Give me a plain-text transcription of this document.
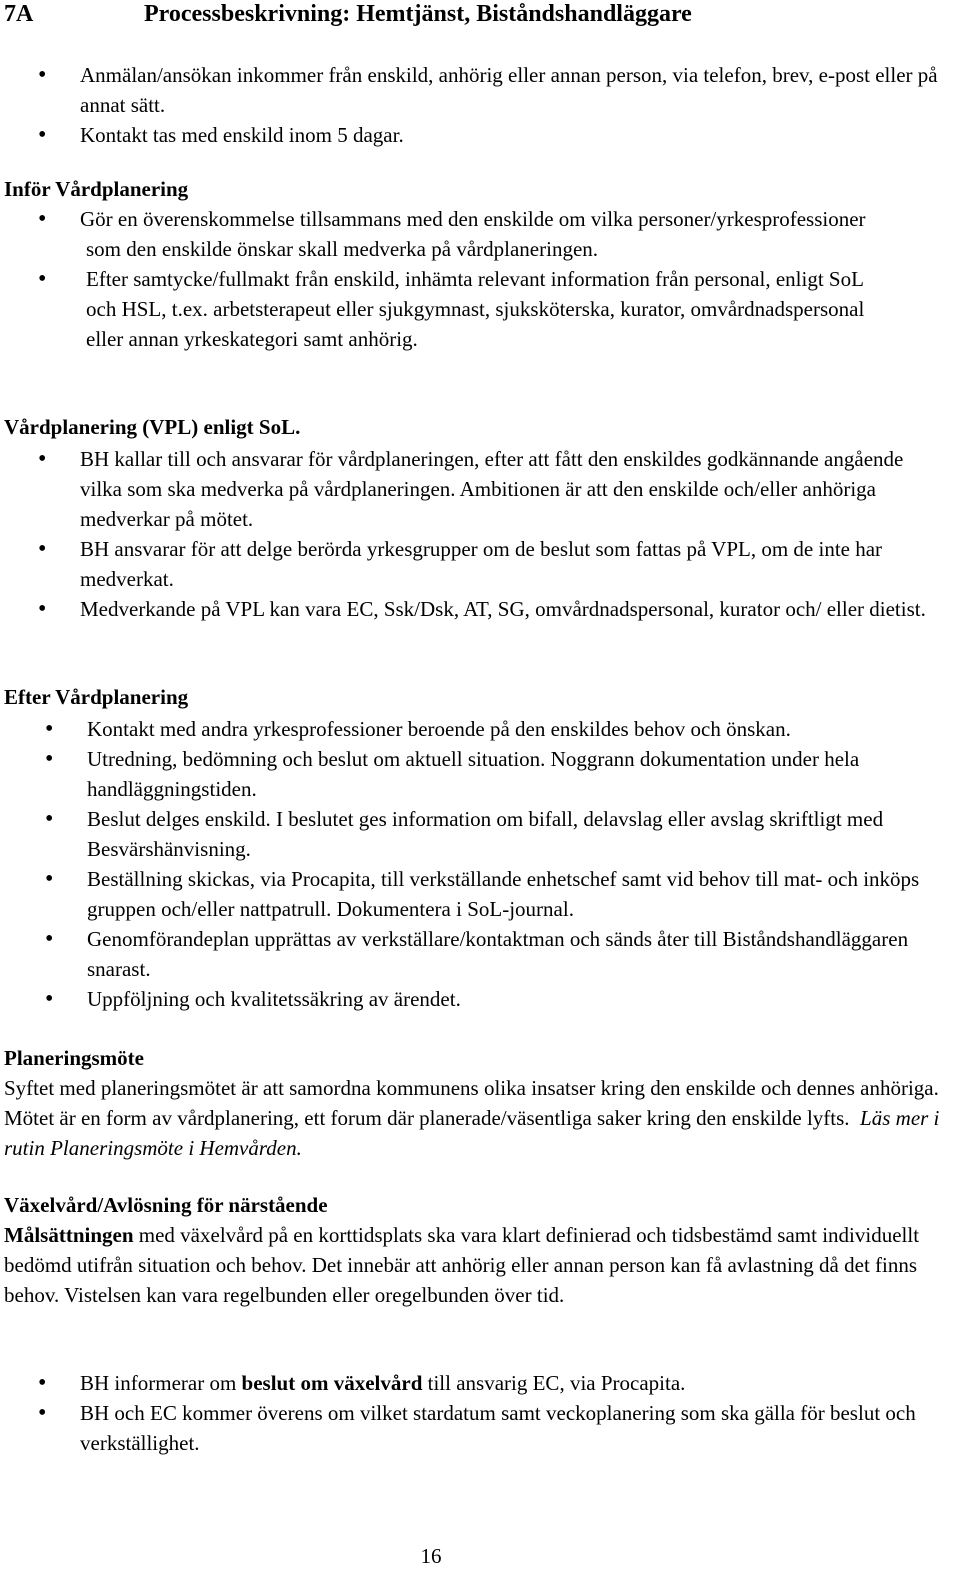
7A	Processbeskrivning: Hemtjänst, Biståndshandläggare
• Anmälan/ansökan inkommer från enskild, anhörig eller annan person, via telefon, brev, e-post eller på annat sätt.
• Kontakt tas med enskild inom 5 dagar.
Inför Vårdplanering
• Gör en överenskommelse tillsammans med den enskilde om vilka personer/yrkesprofessioner som den enskilde önskar skall medverka på vårdplaneringen.
• Efter samtycke/fullmakt från enskild, inhämta relevant information från personal, enligt SoL och HSL, t.ex. arbetsterapeut eller sjukgymnast, sjuksköterska, kurator, omvårdnadspersonal eller annan yrkeskategori samt anhörig.
Vårdplanering (VPL) enligt SoL.
• BH kallar till och ansvarar för vårdplaneringen, efter att fått den enskildes godkännande angående vilka som ska medverka på vårdplaneringen. Ambitionen är att den enskilde och/eller anhöriga medverkar på mötet.
• BH ansvarar för att delge berörda yrkesgrupper om de beslut som fattas på VPL, om de inte har medverkat.
• Medverkande på VPL kan vara EC, Ssk/Dsk, AT, SG, omvårdnadspersonal, kurator och/ eller dietist.
Efter Vårdplanering
• Kontakt med andra yrkesprofessioner beroende på den enskildes behov och önskan.
• Utredning, bedömning och beslut om aktuell situation. Noggrann dokumentation under hela handläggningstiden.
• Beslut delges enskild. I beslutet ges information om bifall, delavslag eller avslag skriftligt med Besvärshänvisning.
• Beställning skickas, via Procapita, till verkställande enhetschef samt vid behov till mat- och inköps gruppen och/eller nattpatrull. Dokumentera i SoL-journal.
• Genomförandeplan upprättas av verkställare/kontaktman och sänds åter till Biståndshandläggaren snarast.
• Uppföljning och kvalitetssäkring av ärendet.
Planeringsmöte

Syftet med planeringsmötet är att samordna kommunens olika insatser kring den enskilde och dennes anhöriga. Mötet är en form av vårdplanering, ett forum där planerade/väsentliga saker kring den enskilde lyfts. Läs mer i rutin Planeringsmöte i Hemvården.

Växelvård/Avlösning för närstående

Målsättningen med växelvård på en korttidsplats ska vara klart definierad och tidsbestämd samt individuellt bedömd utifrån situation och behov. Det innebär att anhörig eller annan person kan få avlastning då det finns behov. Vistelsen kan vara regelbunden eller oregelbunden över tid.

• BH informerar om beslut om växelvård till ansvarig EC, via Procapita.
• BH och EC kommer överens om vilket stardatum samt veckoplanering som ska gälla för beslut och verkställighet.
16
